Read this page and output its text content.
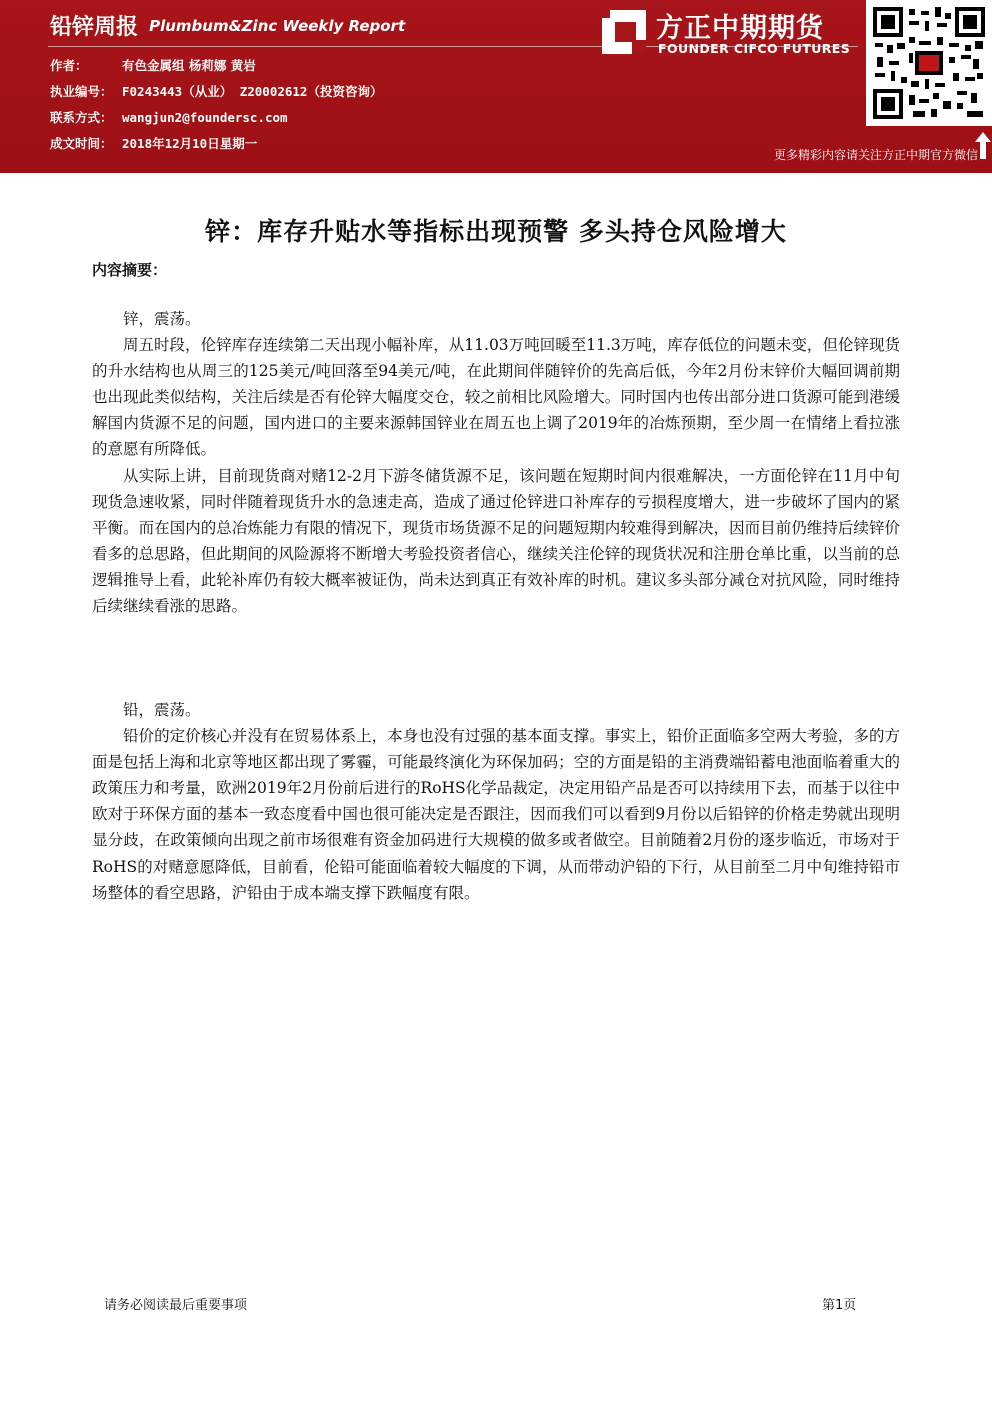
铅锌周报 Plumbum&Zinc Weekly Report
作者：	有色金属组 杨莉娜 黄岩
执业编号： F0243443（从业） Z20002612（投资咨询）
联系方式： wangjun2@foundersc.com
成文时间： 2018年12月10日星期一
方正中期期货
FOUNDER CIFCO FUTURES
更多精彩内容请关注方正中期官方微信
锌：库存升贴水等指标出现预警 多头持仓风险增大
内容摘要：

锌，震荡。

周五时段，伦锌库存连续第二天出现小幅补库，从11.03万吨回暖至11.3万吨，库存低位的问题未变，但伦锌现货的升水结构也从周三的125美元/吨回落至94美元/吨，在此期间伴随锌价的先高后低，今年2月份末锌价大幅回调前期也出现此类似结构，关注后续是否有伦锌大幅度交仓，较之前相比风险增大。同时国内也传出部分进口货源可能到港缓解国内货源不足的问题，国内进口的主要来源韩国锌业在周五也上调了2019年的冶炼预期，至少周一在情绪上看拉涨的意愿有所降低。

从实际上讲，目前现货商对赌12-2月下游冬储货源不足，该问题在短期时间内很难解决，一方面伦锌在11月中旬现货急速收紧，同时伴随着现货升水的急速走高，造成了通过伦锌进口补库存的亏损程度增大，进一步破坏了国内的紧平衡。而在国内的总冶炼能力有限的情况下，现货市场货源不足的问题短期内较难得到解决，因而目前仍维持后续锌价看多的总思路，但此期间的风险源将不断增大考验投资者信心，继续关注伦锌的现货状况和注册仓单比重，以当前的总逻辑推导上看，此轮补库仍有较大概率被证伪，尚未达到真正有效补库的时机。建议多头部分减仓对抗风险，同时维持后续继续看涨的思路。

铅，震荡。

铅价的定价核心并没有在贸易体系上，本身也没有过强的基本面支撑。事实上，铅价正面临多空两大考验，多的方面是包括上海和北京等地区都出现了雾霾，可能最终演化为环保加码；空的方面是铅的主消费端铅蓄电池面临着重大的政策压力和考量，欧洲2019年2月份前后进行的RoHS化学品裁定，决定用铅产品是否可以持续用下去，而基于以往中欧对于环保方面的基本一致态度看中国也很可能决定是否跟注，因而我们可以看到9月份以后铅锌的价格走势就出现明显分歧，在政策倾向出现之前市场很难有资金加码进行大规模的做多或者做空。目前随着2月份的逐步临近，市场对于RoHS的对赌意愿降低，目前看，伦铅可能面临着较大幅度的下调，从而带动沪铅的下行，从目前至二月中旬维持铅市场整体的看空思路，沪铅由于成本端支撑下跌幅度有限。

请务必阅读最后重要事项	第1页
